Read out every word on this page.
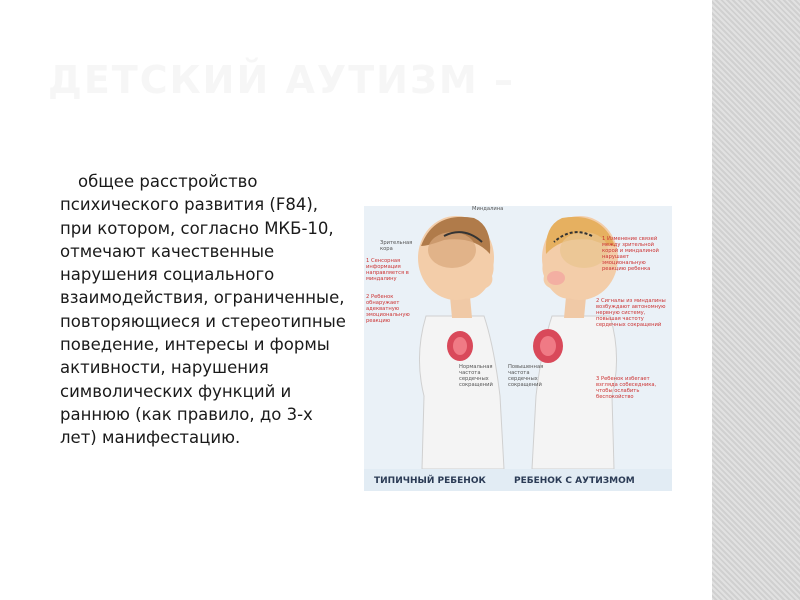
ДЕТСКИЙ АУТИЗМ –
общее расстройство психического развития (F84), при котором, согласно МКБ-10, отмечают качественные нарушения социального взаимодействия, ограниченные, повторяющиеся и стереотипные поведение, интересы и формы активности, нарушения символических функций и раннюю (как правило, до 3-х лет) манифестацию.
Миндалина
Зрительная кора
1 Сенсорная информация направляется в миндалину
2 Ребенок обнаружает адекватную эмоциональную реакцию
Нормальная частота сердечных сокращений
1 Изменение связей между зрительной корой и миндалиной нарушает эмоциональную реакцию ребенка
2 Сигналы из миндалины возбуждают автономную нервную систему, повышая частоту сердечных сокращений
Повышенная частота сердечных сокращений
3 Ребенок избегает взгляда собеседника, чтобы ослабить беспокойство
ТИПИЧНЫЙ РЕБЕНОК	РЕБЕНОК С АУТИЗМОМ
